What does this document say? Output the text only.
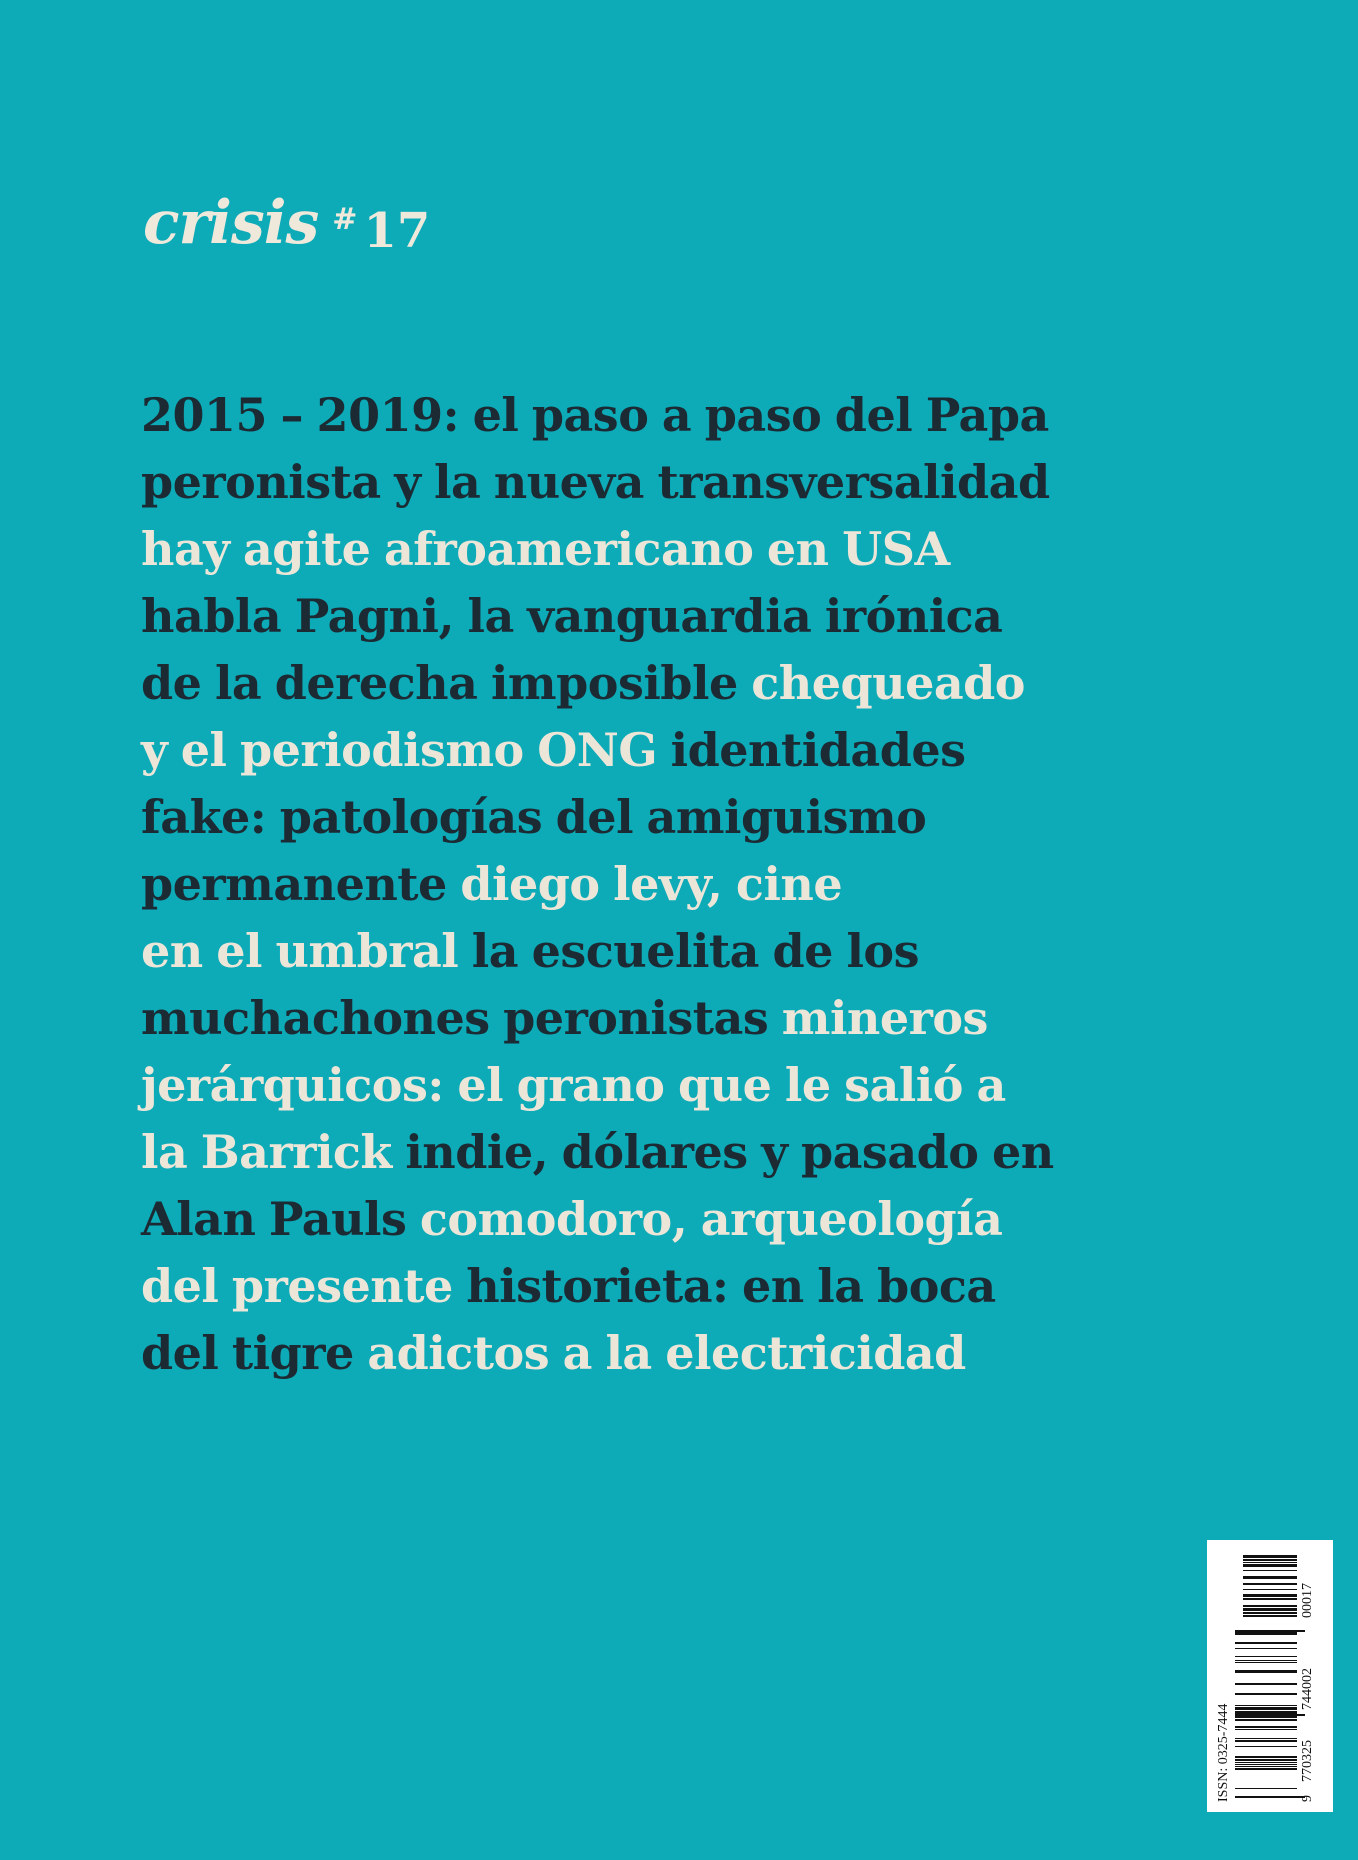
crisis # 17
2015 – 2019: el paso a paso del Papa
peronista y la nueva transversalidad
hay agite afroamericano en USA
habla Pagni, la vanguardia irónica
de la derecha imposible chequeado
y el periodismo ONG identidades
fake: patologías del amiguismo
permanente diego levy, cine
en el umbral la escuelita de los
muchachones peronistas mineros
jerárquicos: el grano que le salió a
la Barrick indie, dólares y pasado en
Alan Pauls comodoro, arqueología
del presente historieta: en la boca
del tigre adictos a la electricidad
ISSN: 0325-7444	9
770325
744002
00017
